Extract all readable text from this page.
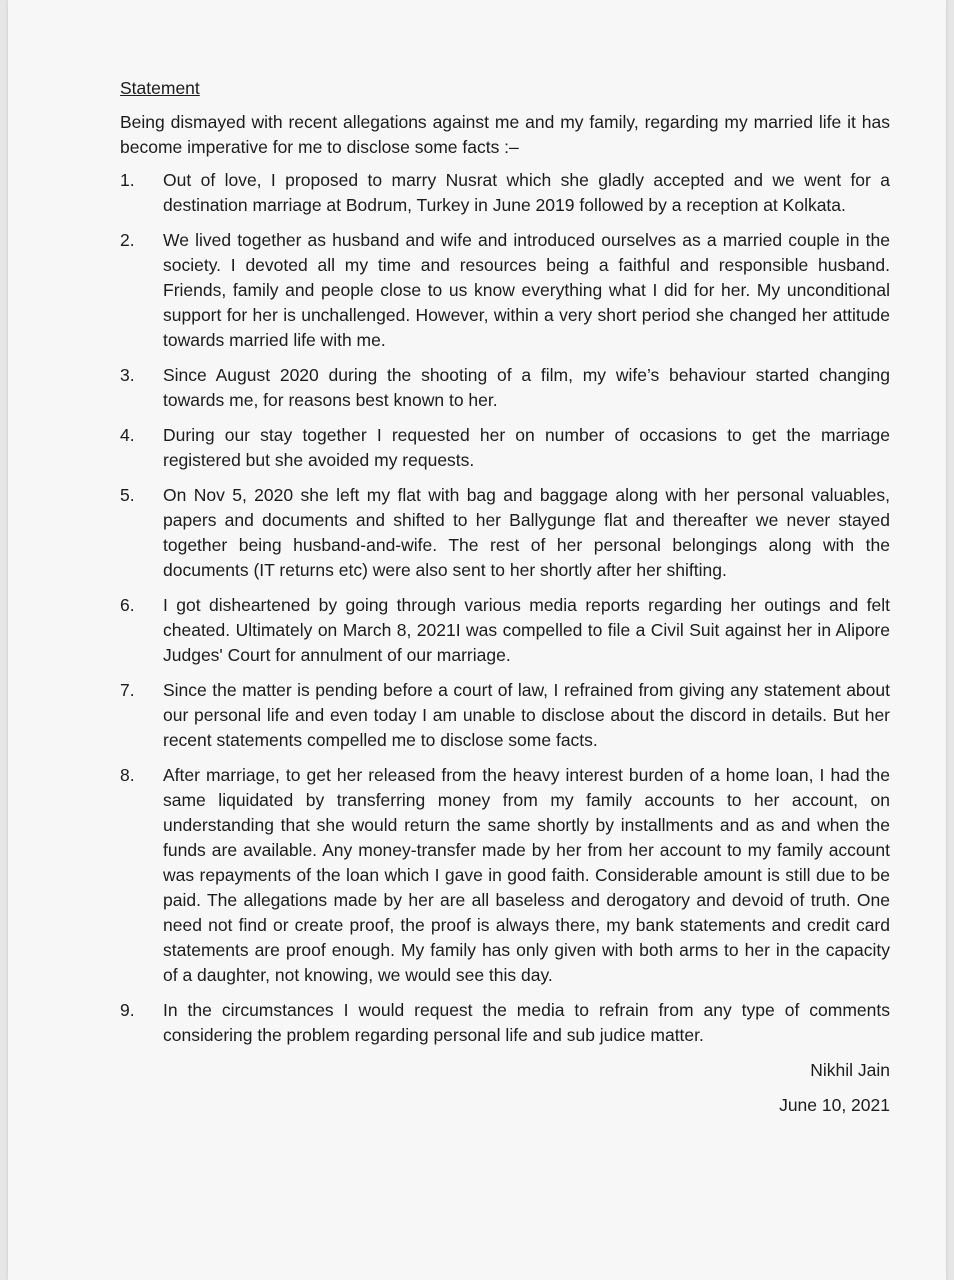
Statement
Being dismayed with recent allegations against me and my family, regarding my married life it has become imperative for me to disclose some facts :–
1.	Out of love, I proposed to marry Nusrat which she gladly accepted and we went for a destination marriage at Bodrum, Turkey in June 2019 followed by a reception at Kolkata.
2.	We lived together as husband and wife and introduced ourselves as a married couple in the society. I devoted all my time and resources being a faithful and responsible husband. Friends, family and people close to us know everything what I did for her. My unconditional support for her is unchallenged. However, within a very short period she changed her attitude towards married life with me.
3.	Since August 2020 during the shooting of a film, my wife’s behaviour started changing towards me, for reasons best known to her.
4.	During our stay together I requested her on number of occasions to get the marriage registered but she avoided my requests.
5.	On Nov 5, 2020 she left my flat with bag and baggage along with her personal valuables, papers and documents and shifted to her Ballygunge flat and thereafter we never stayed together being husband-and-wife. The rest of her personal belongings along with the documents (IT returns etc) were also sent to her shortly after her shifting.
6.	I got disheartened by going through various media reports regarding her outings and felt cheated. Ultimately on March 8, 2021I was compelled to file a Civil Suit against her in Alipore Judges' Court for annulment of our marriage.
7.	Since the matter is pending before a court of law, I refrained from giving any statement about our personal life and even today I am unable to disclose about the discord in details. But her recent statements compelled me to disclose some facts.
8.	After marriage, to get her released from the heavy interest burden of a home loan, I had the same liquidated by transferring money from my family accounts to her account, on understanding that she would return the same shortly by installments and as and when the funds are available. Any money-transfer made by her from her account to my family account was repayments of the loan which I gave in good faith. Considerable amount is still due to be paid. The allegations made by her are all baseless and derogatory and devoid of truth. One need not find or create proof, the proof is always there, my bank statements and credit card statements are proof enough. My family has only given with both arms to her in the capacity of a daughter, not knowing, we would see this day.
9.	In the circumstances I would request the media to refrain from any type of comments considering the problem regarding personal life and sub judice matter.
Nikhil Jain
June 10, 2021
